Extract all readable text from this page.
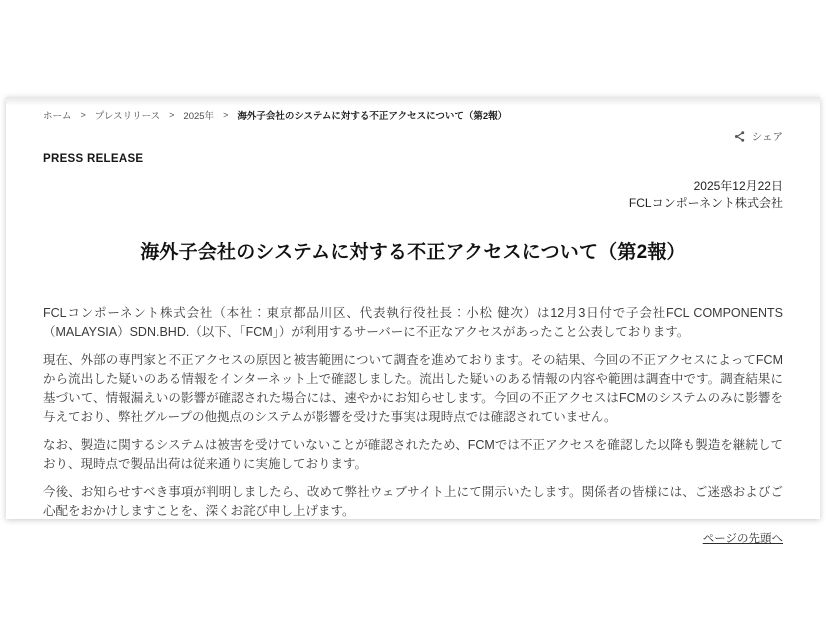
ホーム > プレスリリース > 2025年 > 海外子会社のシステムに対する不正アクセスについて（第2報）
シェア
PRESS RELEASE
2025年12月22日
FCLコンポーネント株式会社
海外子会社のシステムに対する不正アクセスについて（第2報）

FCLコンポーネント株式会社（本社：東京都品川区、代表執行役社長：小松 健次）は12月3日付で子会社FCL COMPONENTS（MALAYSIA）SDN.BHD.（以下、「FCM」）が利用するサーバーに不正なアクセスがあったこと公表しております。

現在、外部の専門家と不正アクセスの原因と被害範囲について調査を進めております。その結果、今回の不正アクセスによってFCMから流出した疑いのある情報をインターネット上で確認しました。流出した疑いのある情報の内容や範囲は調査中です。調査結果に基づいて、情報漏えいの影響が確認された場合には、速やかにお知らせします。今回の不正アクセスはFCMのシステムのみに影響を与えており、弊社グループの他拠点のシステムが影響を受けた事実は現時点では確認されていません。

なお、製造に関するシステムは被害を受けていないことが確認されたため、FCMでは不正アクセスを確認した以降も製造を継続しており、現時点で製品出荷は従来通りに実施しております。

今後、お知らせすべき事項が判明しましたら、改めて弊社ウェブサイト上にて開示いたします。関係者の皆様には、ご迷惑およびご心配をおかけしますことを、深くお詫び申し上げます。

ページの先頭へ
